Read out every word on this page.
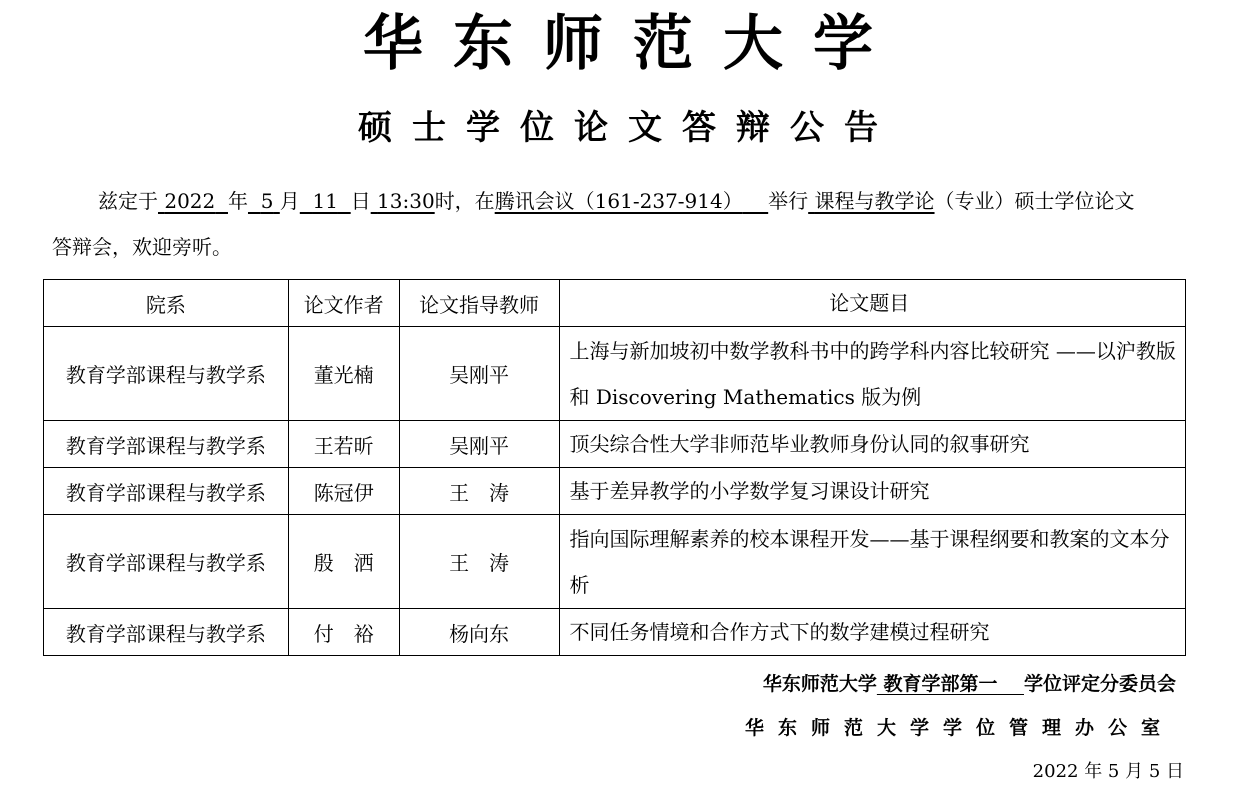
华东师范大学
硕士学位论文答辩公告
兹定于 2022 年 5 月 11 日 13:30时，在腾讯会议（161-237-914） 举行 课程与教学论（专业）硕士学位论文
答辩会，欢迎旁听。
院系	论文作者	论文指导教师	论文题目
教育学部课程与教学系	董光楠	吴刚平	上海与新加坡初中数学教科书中的跨学科内容比较研究 ——以沪教版和 Discovering Mathematics 版为例
教育学部课程与教学系	王若昕	吴刚平	顶尖综合性大学非师范毕业教师身份认同的叙事研究
教育学部课程与教学系	陈冠伊	王　涛	基于差异教学的小学数学复习课设计研究
教育学部课程与教学系	殷　洒	王　涛	指向国际理解素养的校本课程开发——基于课程纲要和教案的文本分析
教育学部课程与教学系	付　裕	杨向东	不同任务情境和合作方式下的数学建模过程研究
华东师范大学 教育学部第一 学位评定分委员会
华东师范大学学位管理办公室
2022 年 5 月 5 日
